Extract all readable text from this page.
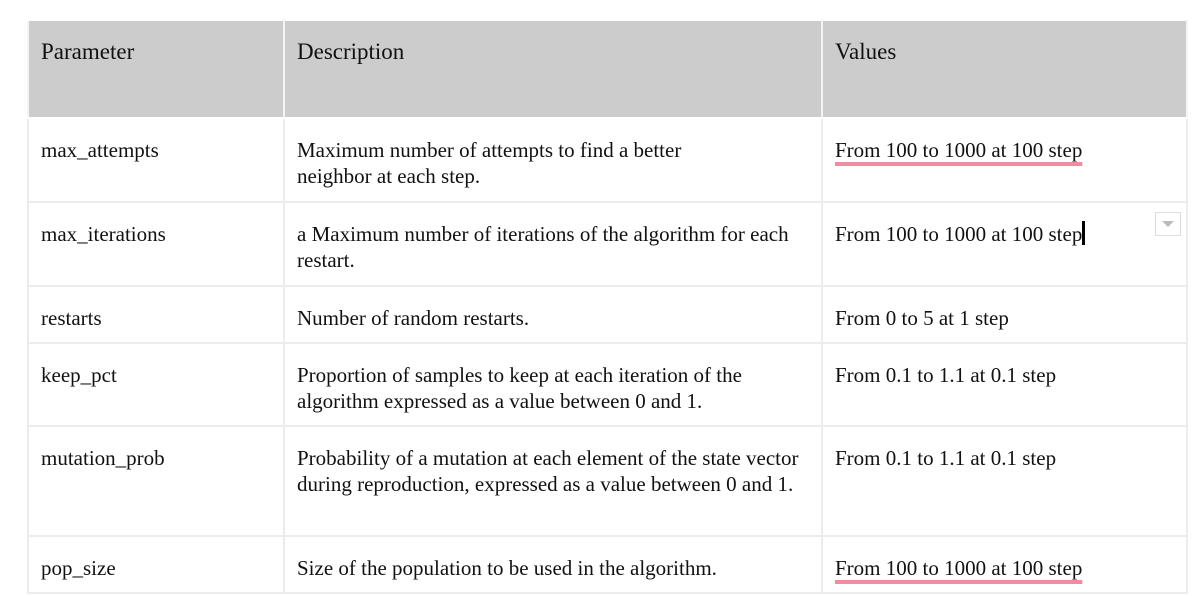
Parameter	Description	Values
max_attempts	Maximum number of attempts to find a better neighbor at each step.	From 100 to 1000 at 100 step
max_iterations	a Maximum number of iterations of the algorithm for each restart.	From 100 to 1000 at 100 step

restarts	Number of random restarts.	From 0 to 5 at 1 step
keep_pct	Proportion of samples to keep at each iteration of the algorithm expressed as a value between 0 and 1.	From 0.1 to 1.1 at 0.1 step
mutation_prob	Probability of a mutation at each element of the state vector during reproduction, expressed as a value between 0 and 1.	From 0.1 to 1.1 at 0.1 step
pop_size	Size of the population to be used in the algorithm.	From 100 to 1000 at 100 step
